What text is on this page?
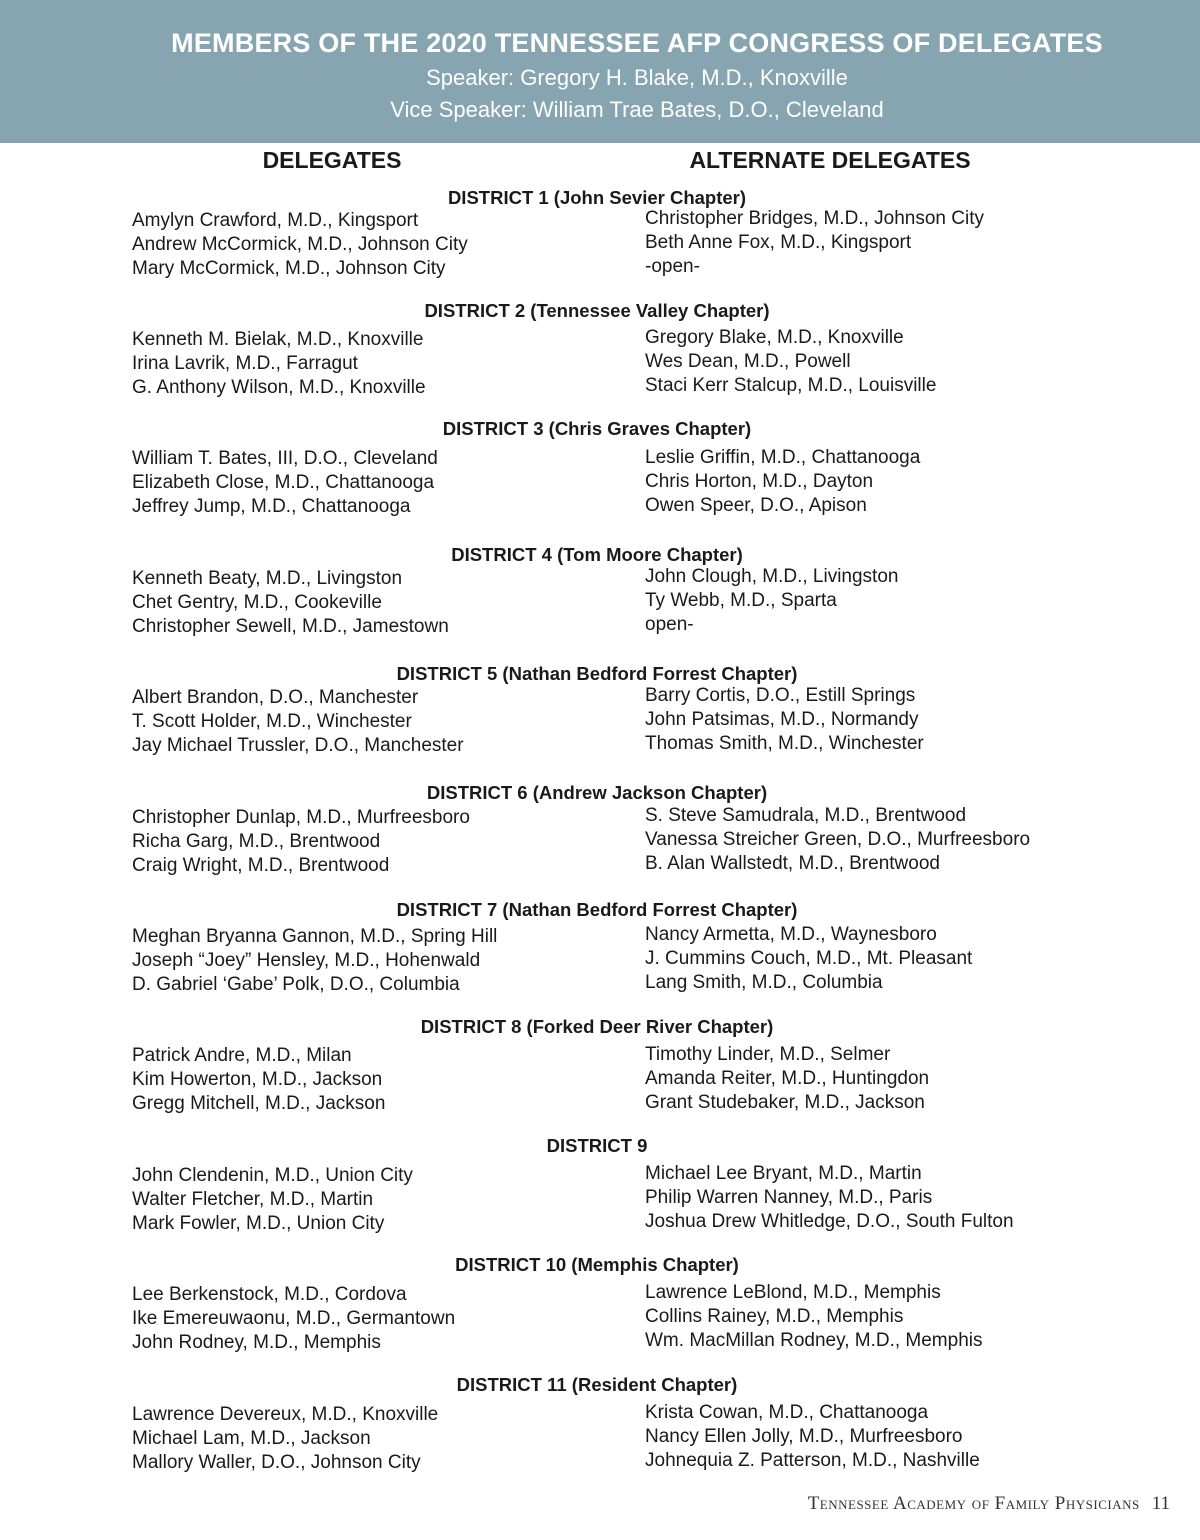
MEMBERS OF THE 2020 TENNESSEE AFP CONGRESS OF DELEGATES
Speaker: Gregory H. Blake, M.D., Knoxville
Vice Speaker: William Trae Bates, D.O., Cleveland
DELEGATES	ALTERNATE DELEGATES
DISTRICT 1 (John Sevier Chapter)
Amylyn Crawford, M.D., Kingsport
Andrew McCormick, M.D., Johnson City
Mary McCormick, M.D., Johnson City
Christopher Bridges, M.D., Johnson City
Beth Anne Fox, M.D., Kingsport
-open-
DISTRICT 2 (Tennessee Valley Chapter)
Kenneth M. Bielak, M.D., Knoxville
Irina Lavrik, M.D., Farragut
G. Anthony Wilson, M.D., Knoxville
Gregory Blake, M.D., Knoxville
Wes Dean, M.D., Powell
Staci Kerr Stalcup, M.D., Louisville
DISTRICT 3 (Chris Graves Chapter)
William T. Bates, III, D.O., Cleveland
Elizabeth Close, M.D., Chattanooga
Jeffrey Jump, M.D., Chattanooga
Leslie Griffin, M.D., Chattanooga
Chris Horton, M.D., Dayton
Owen Speer, D.O., Apison
DISTRICT 4 (Tom Moore Chapter)
Kenneth Beaty, M.D., Livingston
Chet Gentry, M.D., Cookeville
Christopher Sewell, M.D., Jamestown
John Clough, M.D., Livingston
Ty Webb, M.D., Sparta
open-
DISTRICT 5 (Nathan Bedford Forrest Chapter)
Albert Brandon, D.O., Manchester
T. Scott Holder, M.D., Winchester
Jay Michael Trussler, D.O., Manchester
Barry Cortis, D.O., Estill Springs
John Patsimas, M.D., Normandy
Thomas Smith, M.D., Winchester
DISTRICT 6 (Andrew Jackson Chapter)
Christopher Dunlap, M.D., Murfreesboro
Richa Garg, M.D., Brentwood
Craig Wright, M.D., Brentwood
S. Steve Samudrala, M.D., Brentwood
Vanessa Streicher Green, D.O., Murfreesboro
B. Alan Wallstedt, M.D., Brentwood
DISTRICT 7 (Nathan Bedford Forrest Chapter)
Meghan Bryanna Gannon, M.D., Spring Hill
Joseph “Joey” Hensley, M.D., Hohenwald
D. Gabriel ‘Gabe’ Polk, D.O., Columbia
Nancy Armetta, M.D., Waynesboro
J. Cummins Couch, M.D., Mt. Pleasant
Lang Smith, M.D., Columbia
DISTRICT 8 (Forked Deer River Chapter)
Patrick Andre, M.D., Milan
Kim Howerton, M.D., Jackson
Gregg Mitchell, M.D., Jackson
Timothy Linder, M.D., Selmer
Amanda Reiter, M.D., Huntingdon
Grant Studebaker, M.D., Jackson
DISTRICT 9
John Clendenin, M.D., Union City
Walter Fletcher, M.D., Martin
Mark Fowler, M.D., Union City
Michael Lee Bryant, M.D., Martin
Philip Warren Nanney, M.D., Paris
Joshua Drew Whitledge, D.O., South Fulton
DISTRICT 10 (Memphis Chapter)
Lee Berkenstock, M.D., Cordova
Ike Emereuwaonu, M.D., Germantown
John Rodney, M.D., Memphis
Lawrence LeBlond, M.D., Memphis
Collins Rainey, M.D., Memphis
Wm. MacMillan Rodney, M.D., Memphis
DISTRICT 11 (Resident Chapter)
Lawrence Devereux, M.D., Knoxville
Michael Lam, M.D., Jackson
Mallory Waller, D.O., Johnson City
Krista Cowan, M.D., Chattanooga
Nancy Ellen Jolly, M.D., Murfreesboro
Johnequia Z. Patterson, M.D., Nashville
Tennessee Academy of Family Physicians 11
